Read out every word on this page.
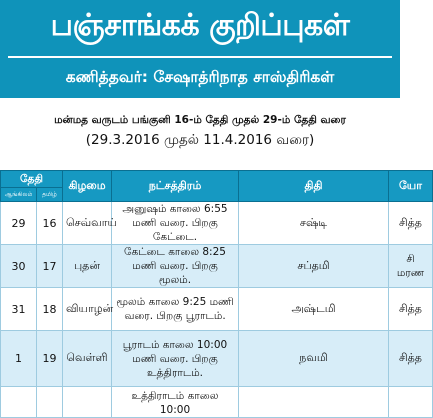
பஞ்சாங்கக் குறிப்புகள்
கணித்தவர்: சேஷாத்ரிநாத சாஸ்திரிகள்
மன்மத வருடம் பங்குனி 16-ம் தேதி முதல் 29-ம் தேதி வரை
(29.3.2016 முதல் 11.4.2016 வரை)
தேதி		கிழமை	நட்சத்திரம்	திதி	யோ
ஆங்கிலம்	தமிழ்				
29	16	செவ்வாய்	அனுஷம் காலை 6:55 மணி வரை. பிறகு கேட்டை.	சஷ்டி	சித்த
30	17	புதன்	கேட்டை காலை 8:25 மணி வரை. பிறகு மூலம்.	சப்தமி	சி மரண
31	18	வியாழன்	மூலம் காலை 9:25 மணி வரை. பிறகு பூராடம்.	அஷ்டமி	சித்த
1	19	வெள்ளி	பூராடம் காலை 10:00 மணி வரை. பிறகு உத்திராடம்.	நவமி	சித்த
			உத்திராடம் காலை 10:00		
